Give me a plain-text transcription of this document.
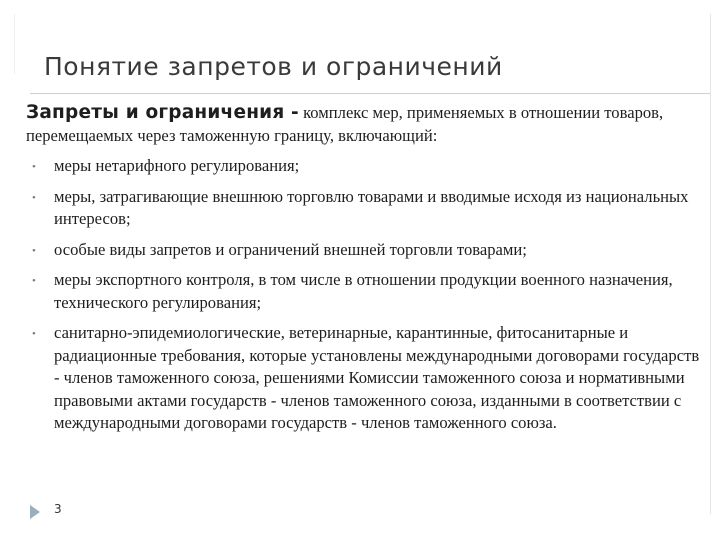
Понятие запретов и ограничений

Запреты и ограничения - комплекс мер, применяемых в отношении товаров, перемещаемых через таможенную границу, включающий:

• меры нетарифного регулирования;
• меры, затрагивающие внешнюю торговлю товарами и вводимые исходя из национальных интересов;
• особые виды запретов и ограничений внешней торговли товарами;
• меры экспортного контроля, в том числе в отношении продукции военного назначения, технического регулирования;
• санитарно-эпидемиологические, ветеринарные, карантинные, фитосанитарные и радиационные требования, которые установлены международными договорами государств - членов таможенного союза, решениями Комиссии таможенного союза и нормативными правовыми актами государств - членов таможенного союза, изданными в соответствии с международными договорами государств - членов таможенного союза.
3
